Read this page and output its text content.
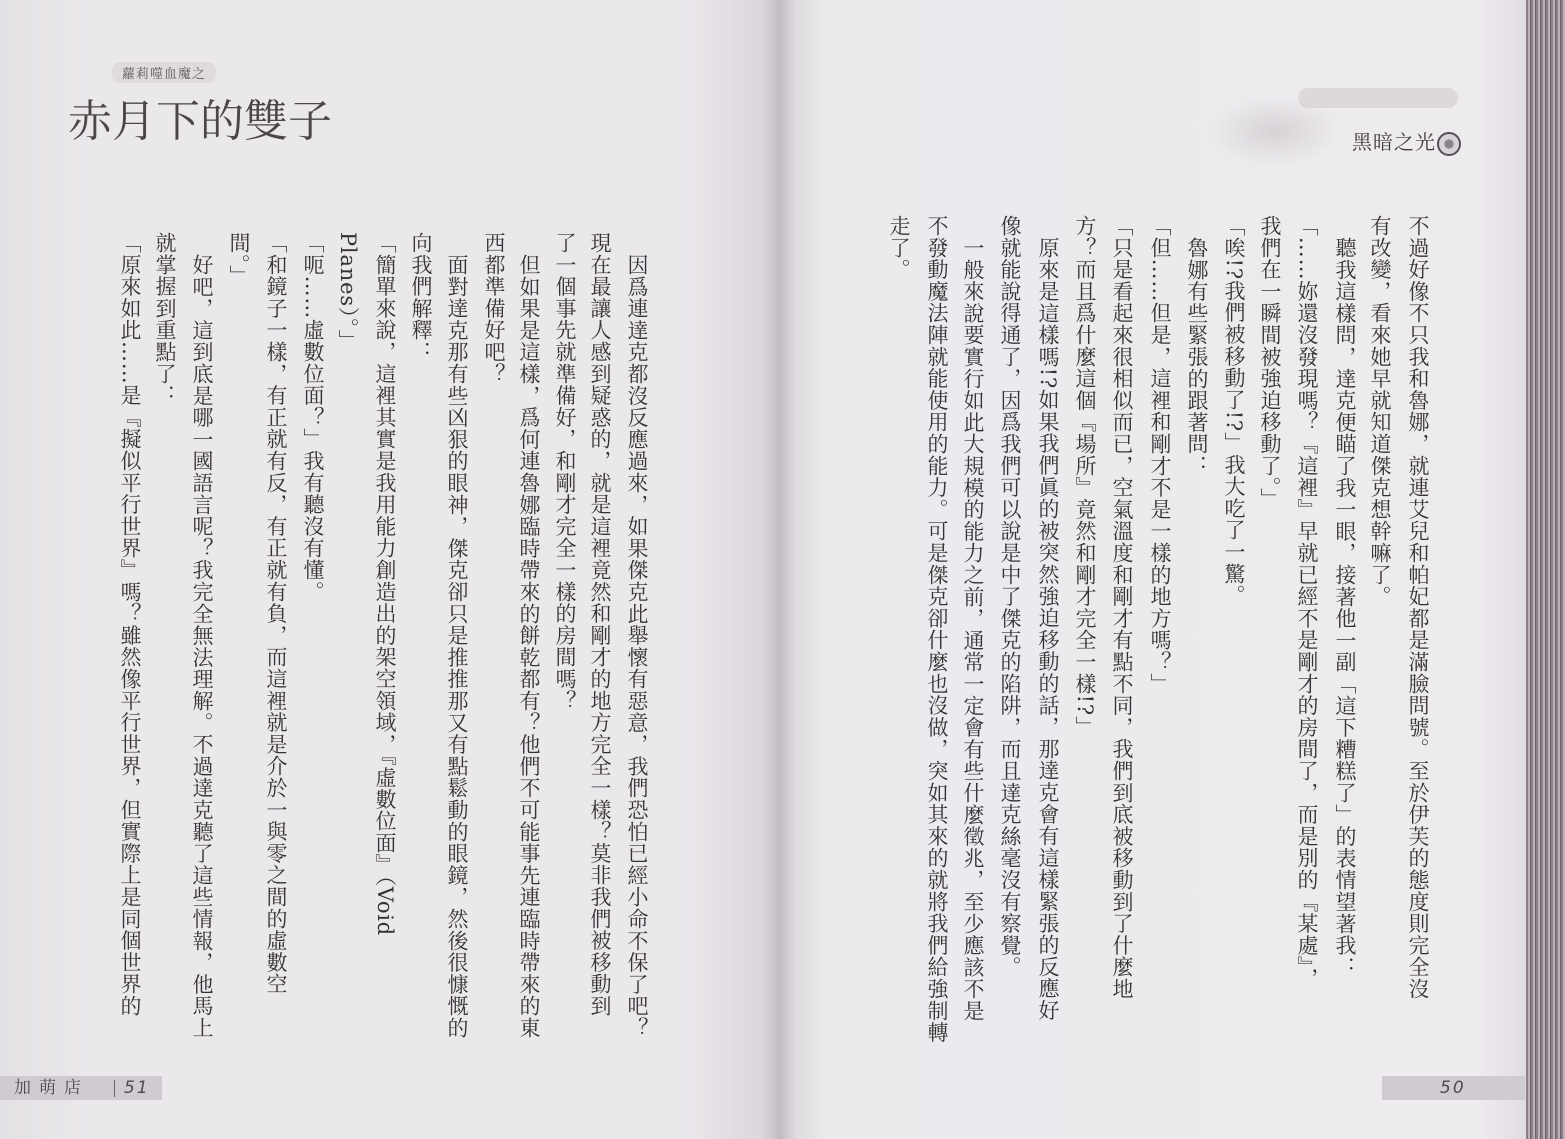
蘿莉噬血魔之
赤月下的雙子	黑暗之光
因爲連達克都沒反應過來，如果傑克此舉懷有惡意，我們恐怕已經小命不保了吧？
現在最讓人感到疑惑的，就是這裡竟然和剛才的地方完全一樣？莫非我們被移動到
了一個事先就準備好，和剛才完全一樣的房間嗎？
但如果是這樣，爲何連魯娜臨時帶來的餅乾都有？他們不可能事先連臨時帶來的東
西都準備好吧？
面對達克那有些凶狠的眼神，傑克卻只是推推那又有點鬆動的眼鏡，然後很慷慨的
向我們解釋：
「簡單來說，這裡其實是我用能力創造出的架空領域，『虛數位面』（Void
Planes）。」
「呃……虛數位面？」我有聽沒有懂。
「和鏡子一樣，有正就有反，有正就有負，而這裡就是介於一與零之間的虛數空
間。」
好吧，這到底是哪一國語言呢？我完全無法理解。不過達克聽了這些情報，他馬上
就掌握到重點了：
「原來如此……是『擬似平行世界』嗎？雖然像平行世界，但實際上是同個世界的	不過好像不只我和魯娜，就連艾兒和帕妃都是滿臉問號。至於伊芙的態度則完全沒
有改變，看來她早就知道傑克想幹嘛了。
聽我這樣問，達克便瞄了我一眼，接著他一副「這下糟糕了」的表情望著我：
「……妳還沒發現嗎？『這裡』早就已經不是剛才的房間了，而是別的『某處』，
我們在一瞬間被強迫移動了。」
「唉!?我們被移動了!?」我大吃了一驚。
魯娜有些緊張的跟著問：
「但……但是，這裡和剛才不是一樣的地方嗎？」
「只是看起來很相似而已，空氣溫度和剛才有點不同，我們到底被移動到了什麼地
方？而且爲什麼這個『場所』竟然和剛才完全一樣!?」
原來是這樣嗎!?如果我們眞的被突然強迫移動的話，那達克會有這樣緊張的反應好
像就能說得通了，因爲我們可以說是中了傑克的陷阱，而且達克絲毫沒有察覺。
一般來說要實行如此大規模的能力之前，通常一定會有些什麼徵兆，至少應該不是
不發動魔法陣就能使用的能力。可是傑克卻什麼也沒做，突如其來的就將我們給強制轉
走了。
加萌店 51	50
